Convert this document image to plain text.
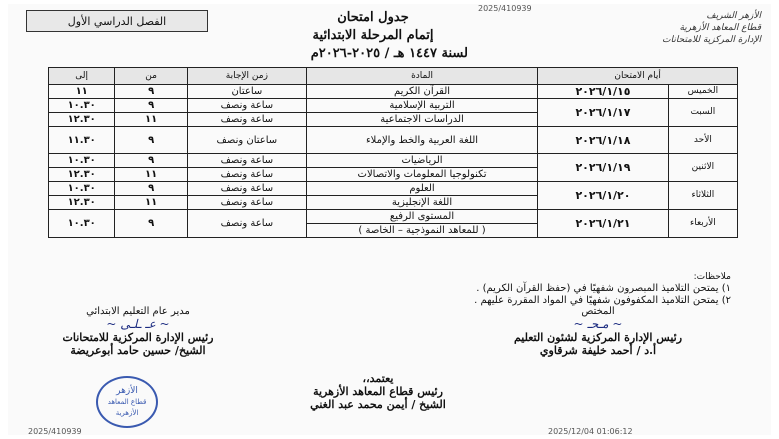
2025/410939
الفصل الدراسي الأول	الأزهر الشريف
قطاع المعاهد الأزهرية
الإدارة المركزية للامتحانات
جدول امتحان
إتمام المرحلة الابتدائية
لسنة ١٤٤٧ هـ / ٢٠٢٥-٢٠٢٦م
أيام الامتحان		المادة	زمن الإجابة	من	إلى
الخميس	٢٠٢٦/١/١٥	القرآن الكريم	ساعتان	٩	١١
السبت	٢٠٢٦/١/١٧	التربية الإسلامية	ساعة ونصف	٩	١٠.٣٠
		الدراسات الاجتماعية	ساعة ونصف	١١	١٢.٣٠
الأحد	٢٠٢٦/١/١٨	اللغة العربية والخط والإملاء	ساعتان ونصف	٩	١١.٣٠
الاثنين	٢٠٢٦/١/١٩	الرياضيات	ساعة ونصف	٩	١٠.٣٠
		تكنولوجيا المعلومات والاتصالات	ساعة ونصف	١١	١٢.٣٠
الثلاثاء	٢٠٢٦/١/٢٠	العلوم	ساعة ونصف	٩	١٠.٣٠
		اللغة الإنجليزية	ساعة ونصف	١١	١٢.٣٠
الأربعاء	٢٠٢٦/١/٢١	المستوى الرفيع	ساعة ونصف	٩	١٠.٣٠
		( للمعاهد النموذجية – الخاصة )			
ملاحظات:
١) يمتحن التلاميذ المبصرون شفهيًا في (حفظ القرآن الكريم) .
٢) يمتحن التلاميذ المكفوفون شفهيًا في المواد المقررة عليهم .
مدير عام التعليم الابتدائي
~ ﻋـ ـﻠـﻰ ~
رئيس الإدارة المركزية للامتحانات
الشيخ/ حسين حامد أبوعريضة
المختص
~ ﻣـﺤـ ~
رئيس الإدارة المركزية لشئون التعليم
أ.د / أحمد خليفة شرقاوي
يعتمد،،
رئيس قطاع المعاهد الأزهرية
الشيخ / أيمن محمد عبد الغني
الأزهر
قطاع المعاهد الأزهرية
2025/410939	2025/12/04 01:06:12
